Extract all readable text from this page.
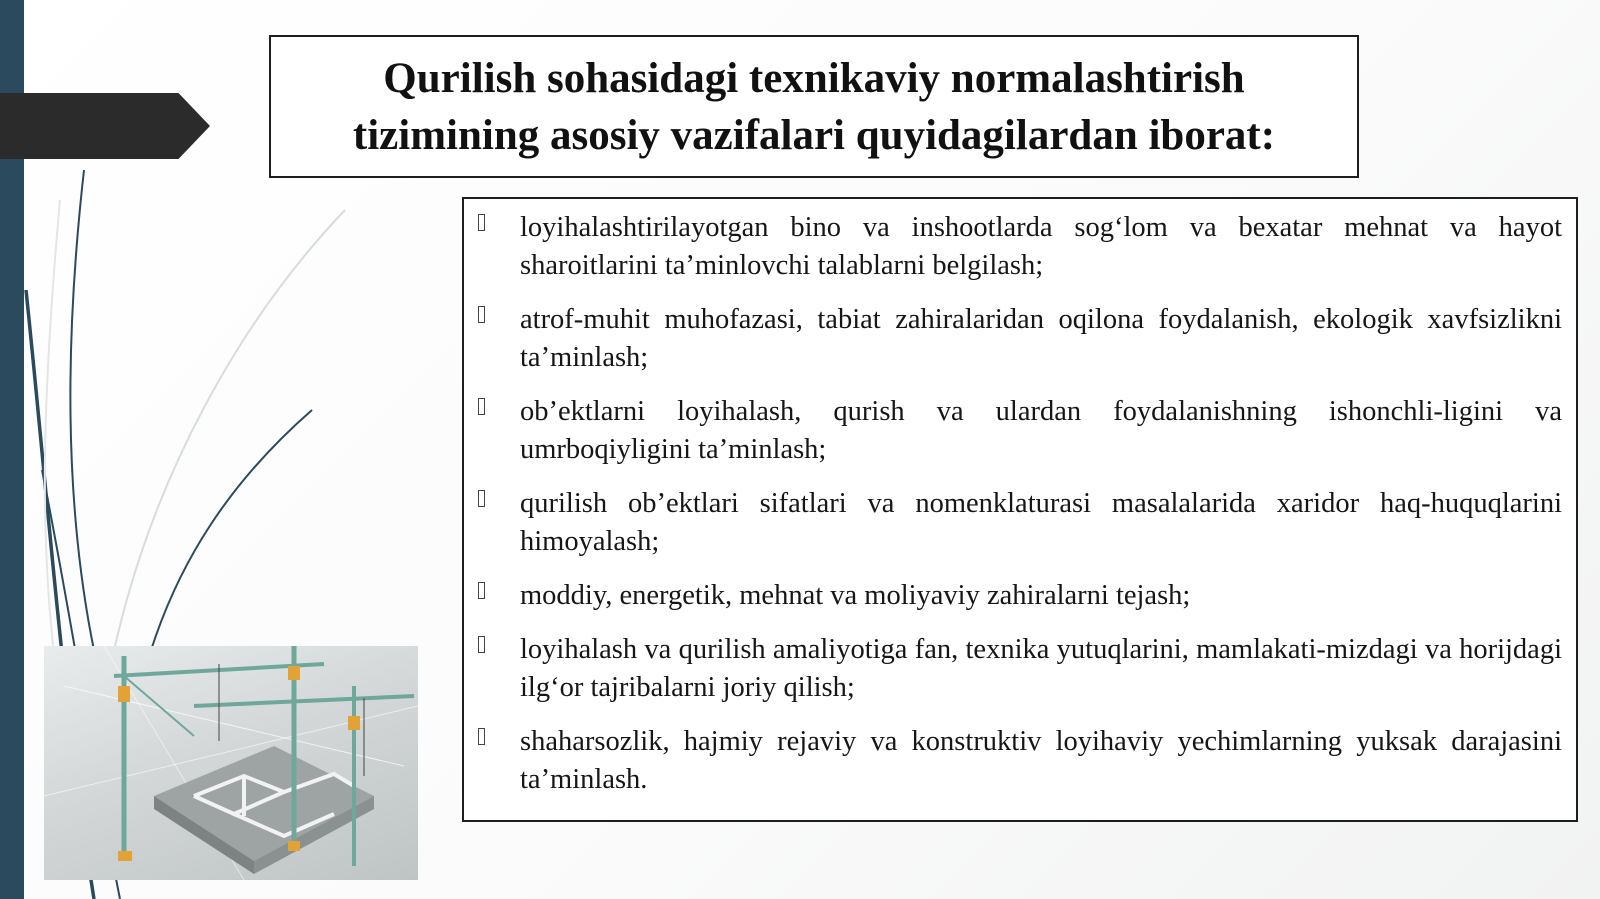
Qurilish sohasidagi texnikaviy normalashtirish
tizimining asosiy vazifalari quyidagilardan iborat:
loyihalashtirilayotgan bino va inshootlarda sog‘lom va bexatar mehnat va hayot sharoitlarini ta’minlovchi talablarni belgilash;
atrof-muhit muhofazasi, tabiat zahiralaridan oqilona foydalanish, ekologik xavfsizlikni ta’minlash;
ob’ektlarni loyihalash, qurish va ulardan foydalanishning ishonchli-ligini va umrboqiyligini ta’minlash;
qurilish ob’ektlari sifatlari va nomenklaturasi masalalarida xaridor haq-huquqlarini himoyalash;
moddiy, energetik, mehnat va moliyaviy zahiralarni tejash;
loyihalash va qurilish amaliyotiga fan, texnika yutuqlarini, mamlakati-mizdagi va horijdagi ilg‘or tajribalarni joriy qilish;
shaharsozlik, hajmiy rejaviy va konstruktiv loyihaviy yechimlarning yuksak darajasini ta’minlash.
